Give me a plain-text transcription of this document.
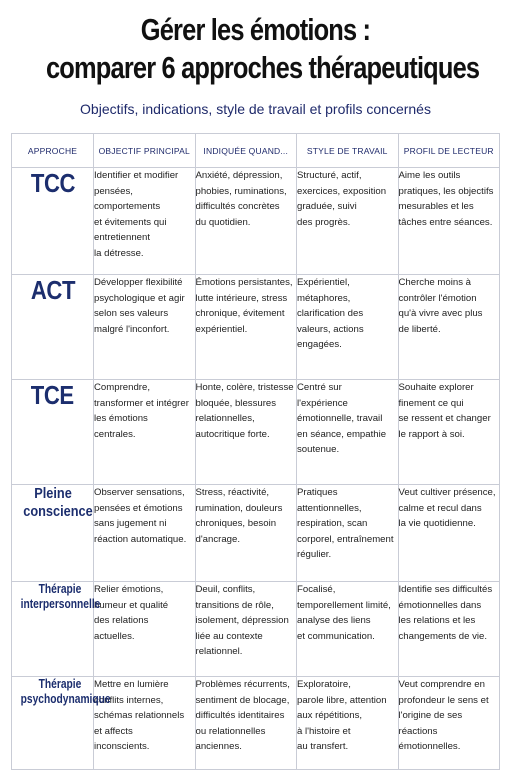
Gérer les émotions :
comparer 6 approches thérapeutiques
Objectifs, indications, style de travail et profils concernés
APPROCHE	OBJECTIF PRINCIPAL	INDIQUÉE QUAND...	STYLE DE TRAVAIL	PROFIL DE LECTEUR
TCC	Identifier et modifier
pensées, comportements
et évitements qui
entretiennent
la détresse.	Anxiété, dépression,
phobies, ruminations,
difficultés concrètes
du quotidien.	Structuré, actif,
exercices, exposition
graduée, suivi
des progrès.	Aime les outils
pratiques, les objectifs
mesurables et les
tâches entre séances.

ACT	Développer flexibilité
psychologique et agir
selon ses valeurs
malgré l'inconfort.	Émotions persistantes,
lutte intérieure, stress
chronique, évitement
expérientiel.	Expérientiel,
métaphores,
clarification des
valeurs, actions
engagées.	Cherche moins à
contrôler l'émotion
qu'à vivre avec plus
de liberté.

TCE	Comprendre,
transformer et intégrer
les émotions
centrales.	Honte, colère, tristesse
bloquée, blessures
relationnelles,
autocritique forte.	Centré sur
l'expérience
émotionnelle, travail
en séance, empathie
soutenue.	Souhaite explorer
finement ce qui
se ressent et changer
le rapport à soi.

Pleine conscience	Observer sensations,
pensées et émotions
sans jugement ni
réaction automatique.	Stress, réactivité,
rumination, douleurs
chroniques, besoin
d'ancrage.	Pratiques
attentionnelles,
respiration, scan
corporel, entraînement
régulier.	Veut cultiver présence,
calme et recul dans
la vie quotidienne.

Thérapie interpersonnelle	Relier émotions,
humeur et qualité
des relations
actuelles.	Deuil, conflits,
transitions de rôle,
isolement, dépression
liée au contexte
relationnel.	Focalisé,
temporellement limité,
analyse des liens
et communication.	Identifie ses difficultés
émotionnelles dans
les relations et les
changements de vie.

Thérapie psychodynamique	Mettre en lumière
conflits internes,
schémas relationnels
et affects
inconscients.	Problèmes récurrents,
sentiment de blocage,
difficultés identitaires
ou relationnelles
anciennes.	Exploratoire,
parole libre, attention
aux répétitions,
à l'histoire et
au transfert.	Veut comprendre en
profondeur le sens et
l'origine de ses
réactions
émotionnelles.
